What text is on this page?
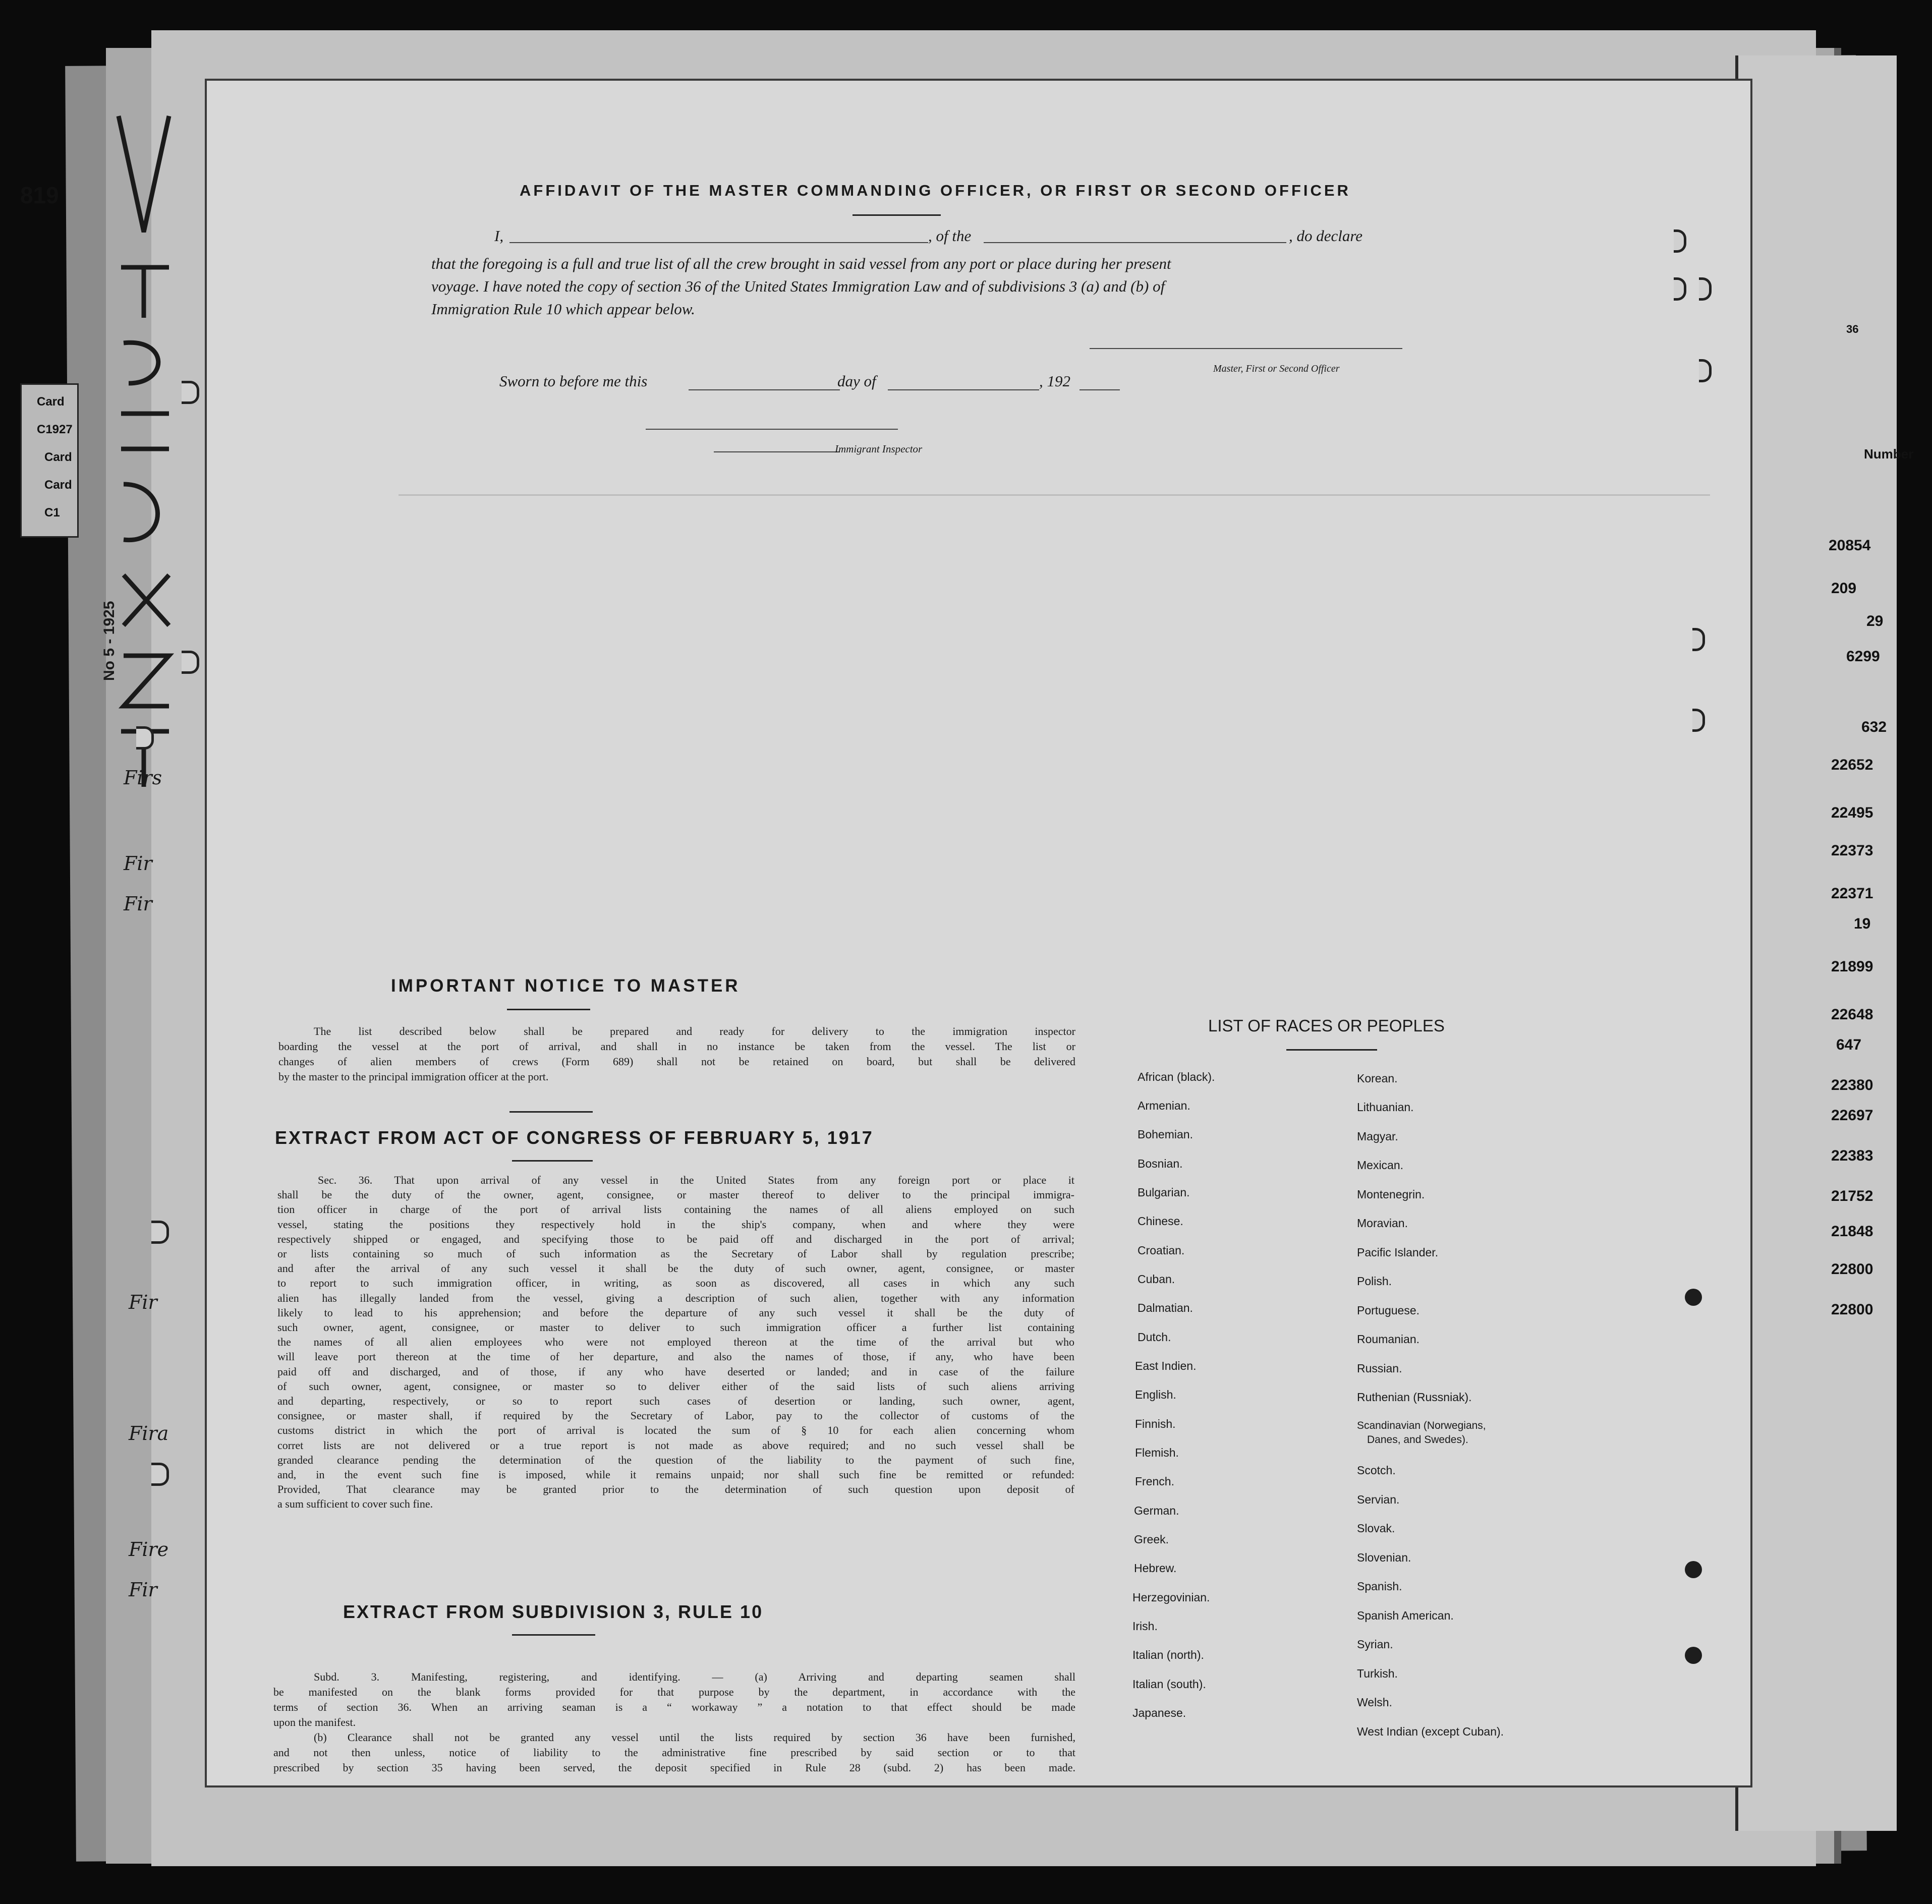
819
Card
C1927
Card
Card
C1
No 5 - 1925
Firs
Fir
Fir
Fir
Fira
Fire
Fir
36
Number
20854
209
29
6299
632
22652
22495
22373
22371
19
21899
22648
647
22380
22697
22383
21752
21848
22800
22800
AFFIDAVIT OF THE MASTER COMMANDING OFFICER, OR FIRST OR SECOND OFFICER
I,	, of the	, do declare
that the foregoing is a full and true list of all the crew brought in said vessel from any port or place during her present
voyage. I have noted the copy of section 36 of the United States Immigration Law and of subdivisions 3 (a) and (b) of
Immigration Rule 10 which appear below.
Master, First or Second Officer
Sworn to before me this	day of	, 192
Immigrant Inspector
IMPORTANT NOTICE TO MASTER
The list described below shall be prepared and ready for delivery to the immigration inspector
boarding the vessel at the port of arrival, and shall in no instance be taken from the vessel. The list or
changes of alien members of crews (Form 689) shall not be retained on board, but shall be delivered
by the master to the principal immigration officer at the port.
EXTRACT FROM ACT OF CONGRESS OF FEBRUARY 5, 1917
Sec. 36. That upon arrival of any vessel in the United States from any foreign port or place it
shall be the duty of the owner, agent, consignee, or master thereof to deliver to the principal immigra-
tion officer in charge of the port of arrival lists containing the names of all aliens employed on such
vessel, stating the positions they respectively hold in the ship's company, when and where they were
respectively shipped or engaged, and specifying those to be paid off and discharged in the port of arrival;
or lists containing so much of such information as the Secretary of Labor shall by regulation prescribe;
and after the arrival of any such vessel it shall be the duty of such owner, agent, consignee, or master
to report to such immigration officer, in writing, as soon as discovered, all cases in which any such
alien has illegally landed from the vessel, giving a description of such alien, together with any information
likely to lead to his apprehension; and before the departure of any such vessel it shall be the duty of
such owner, agent, consignee, or master to deliver to such immigration officer a further list containing
the names of all alien employees who were not employed thereon at the time of the arrival but who
will leave port thereon at the time of her departure, and also the names of those, if any, who have been
paid off and discharged, and of those, if any who have deserted or landed; and in case of the failure
of such owner, agent, consignee, or master so to deliver either of the said lists of such aliens arriving
and departing, respectively, or so to report such cases of desertion or landing, such owner, agent,
consignee, or master shall, if required by the Secretary of Labor, pay to the collector of customs of the
customs district in which the port of arrival is located the sum of § 10 for each alien concerning whom
corret lists are not delivered or a true report is not made as above required; and no such vessel shall be
granded clearance pending the determination of the question of the liability to the payment of such fine,
and, in the event such fine is imposed, while it remains unpaid; nor shall such fine be remitted or refunded:
Provided, That clearance may be granted prior to the determination of such question upon deposit of
a sum sufficient to cover such fine.
EXTRACT FROM SUBDIVISION 3, RULE 10
Subd. 3. Manifesting, registering, and identifying. — (a) Arriving and departing seamen shall
be manifested on the blank forms provided for that purpose by the department, in accordance with the
terms of section 36. When an arriving seaman is a “ workaway ” a notation to that effect should be made
upon the manifest.
(b) Clearance shall not be granted any vessel until the lists required by section 36 have been furnished,
and not then unless, notice of liability to the administrative fine prescribed by said section or to that
prescribed by section 35 having been served, the deposit specified in Rule 28 (subd. 2) has been made.
LIST OF RACES OR PEOPLES
African (black).
Armenian.
Bohemian.
Bosnian.
Bulgarian.
Chinese.
Croatian.
Cuban.
Dalmatian.
Dutch.
East Indien.
English.
Finnish.
Flemish.
French.
German.
Greek.
Hebrew.
Herzegovinian.
Irish.
Italian (north).
Italian (south).
Japanese.
Korean.
Lithuanian.
Magyar.
Mexican.
Montenegrin.
Moravian.
Pacific Islander.
Polish.
Portuguese.
Roumanian.
Russian.
Ruthenian (Russniak).
Scandinavian (Norwegians,
Danes, and Swedes).
Scotch.
Servian.
Slovak.
Slovenian.
Spanish.
Spanish American.
Syrian.
Turkish.
Welsh.
West Indian (except Cuban).
